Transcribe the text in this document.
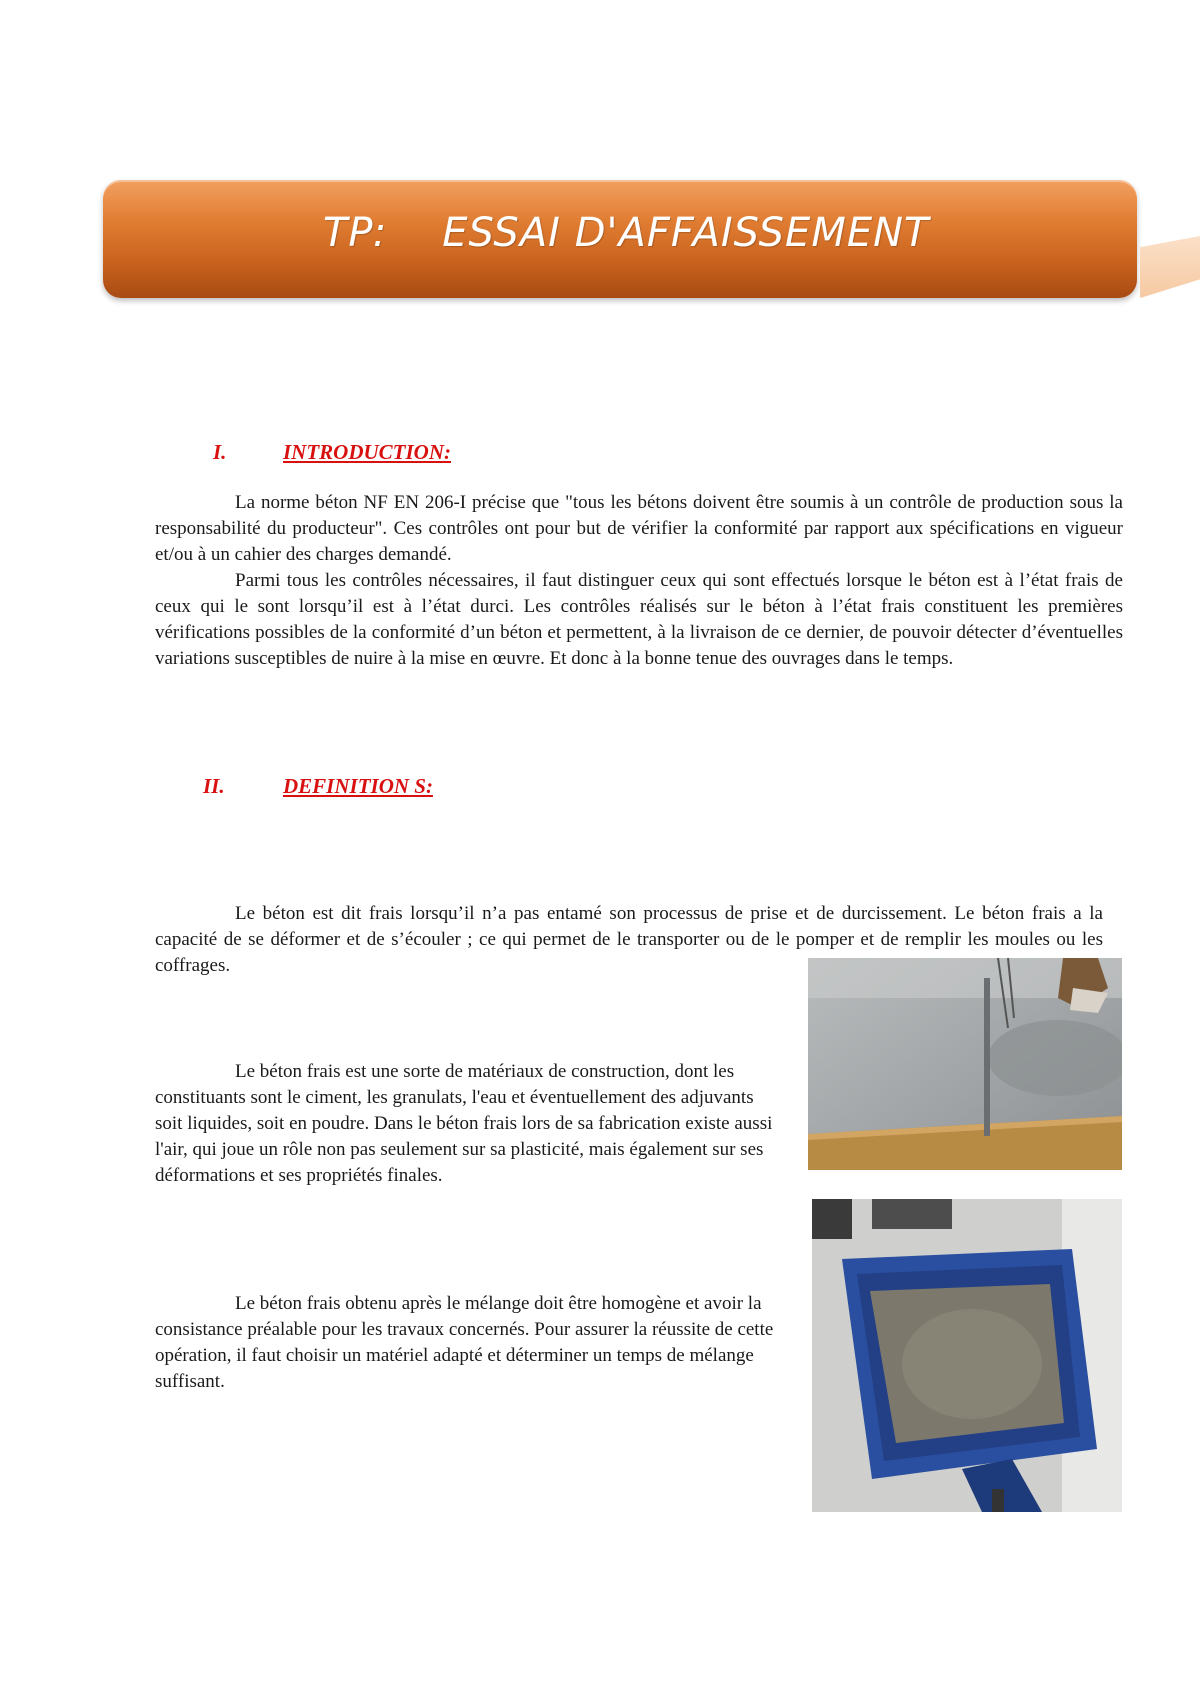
TP: ESSAI D'AFFAISSEMENT
I.	INTRODUCTION:

La norme béton NF EN 206-I précise que "tous les bétons doivent être soumis à un contrôle de production sous la responsabilité du producteur". Ces contrôles ont pour but de vérifier la conformité par rapport aux spécifications en vigueur et/ou à un cahier des charges demandé.

Parmi tous les contrôles nécessaires, il faut distinguer ceux qui sont effectués lorsque le béton est à l’état frais de ceux qui le sont lorsqu’il est à l’état durci. Les contrôles réalisés sur le béton à l’état frais constituent les premières vérifications possibles de la conformité d’un béton et permettent, à la livraison de ce dernier, de pouvoir détecter d’éventuelles variations susceptibles de nuire à la mise en œuvre. Et donc à la bonne tenue des ouvrages dans le temps.

II.	DEFINITION S:

Le béton est dit frais lorsqu’il n’a pas entamé son processus de prise et de durcissement. Le béton frais a la capacité de se déformer et de s’écouler ; ce qui permet de le transporter ou de le pomper et de remplir les moules ou les coffrages.

Le béton frais est une sorte de matériaux de construction, dont les constituants sont le ciment, les granulats, l'eau et éventuellement des adjuvants soit liquides, soit en poudre. Dans le béton frais lors de sa fabrication existe aussi l'air, qui joue un rôle non pas seulement sur sa plasticité, mais également sur ses déformations et ses propriétés finales.

Le béton frais obtenu après le mélange doit être homogène et avoir la consistance préalable pour les travaux concernés. Pour assurer la réussite de cette opération, il faut choisir un matériel adapté et déterminer un temps de mélange suffisant.
